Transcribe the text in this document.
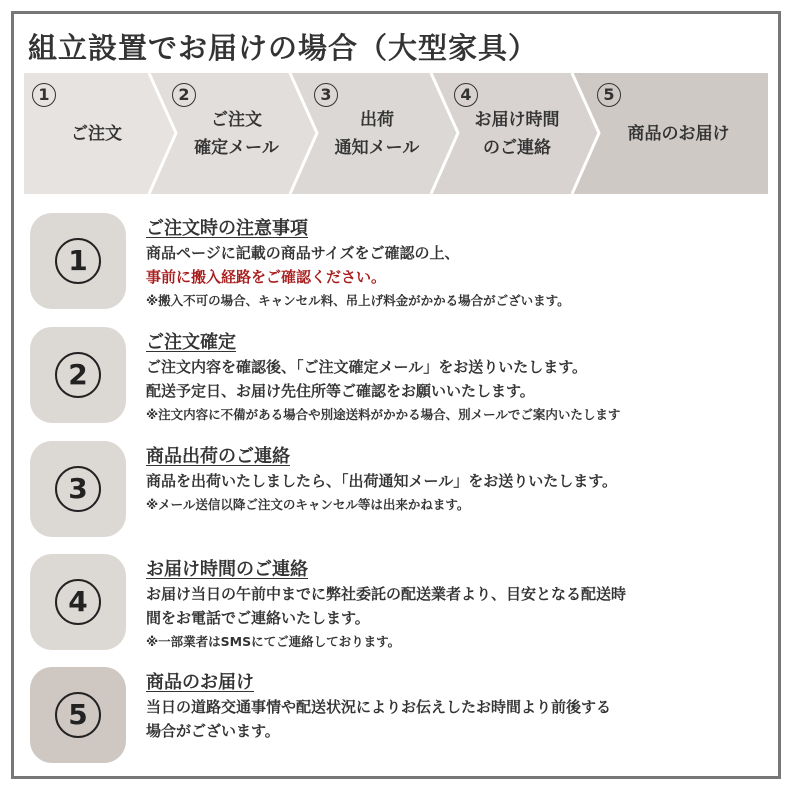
組立設置でお届けの場合（大型家具）
1
ご注文
2
ご注文
確定メール
3
出荷
通知メール
4
お届け時間
のご連絡
5
商品のお届け
1
ご注文時の注意事項
商品ページに記載の商品サイズをご確認の上、
事前に搬入経路をご確認ください。
※搬入不可の場合、キャンセル料、吊上げ料金がかかる場合がございます。
2
ご注文確定
ご注文内容を確認後、「ご注文確定メール」をお送りいたします。
配送予定日、お届け先住所等ご確認をお願いいたします。
※注文内容に不備がある場合や別途送料がかかる場合、別メールでご案内いたします
3
商品出荷のご連絡
商品を出荷いたしましたら、「出荷通知メール」をお送りいたします。
※メール送信以降ご注文のキャンセル等は出来かねます。
4
お届け時間のご連絡
お届け当日の午前中までに弊社委託の配送業者より、目安となる配送時
間をお電話でご連絡いたします。
※一部業者はSMSにてご連絡しております。
5
商品のお届け
当日の道路交通事情や配送状況によりお伝えしたお時間より前後する
場合がございます。
